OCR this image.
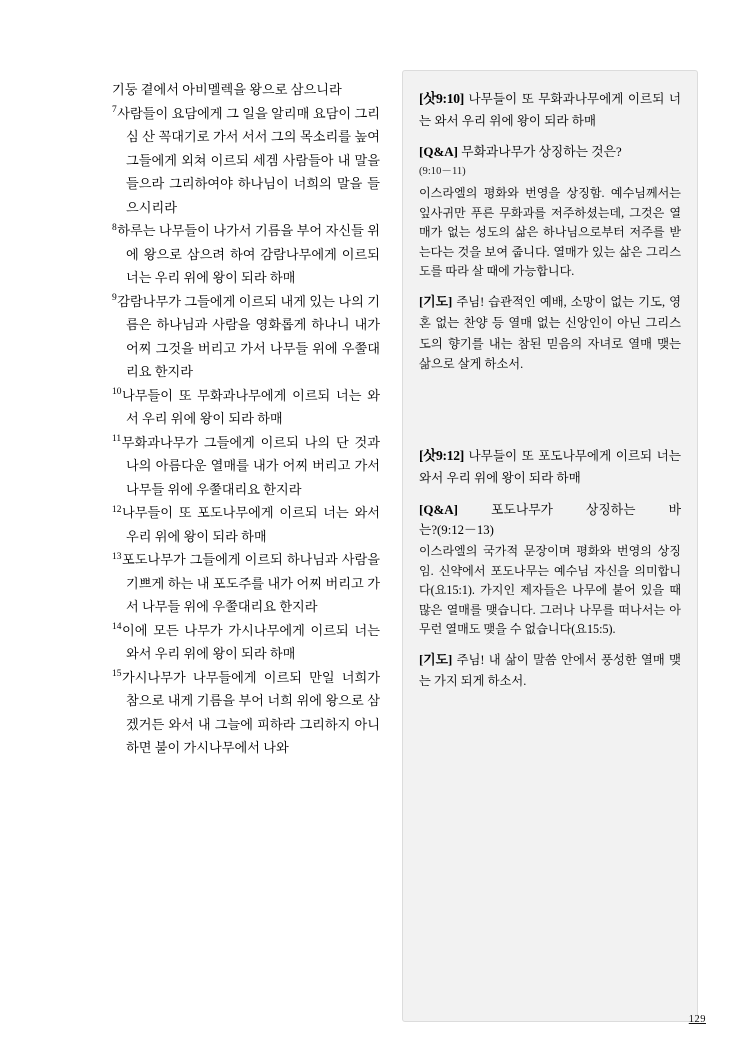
기둥 곁에서 아비멜렉을 왕으로 삼으니라

$^7$사람들이 요담에게 그 일을 알리매 요담이 그리심 산 꼭대기로 가서 서서 그의 목소리를 높여 그들에게 외쳐 이르되 세겜 사람들아 내 말을 들으라 그리하여야 하나님이 너희의 말을 들으시리라

$^8$하루는 나무들이 나가서 기름을 부어 자신들 위에 왕으로 삼으려 하여 감람나무에게 이르되 너는 우리 위에 왕이 되라 하매

$^9$감람나무가 그들에게 이르되 내게 있는 나의 기름은 하나님과 사람을 영화롭게 하나니 내가 어찌 그것을 버리고 가서 나무들 위에 우쭐대리요 한지라

$^{10}$나무들이 또 무화과나무에게 이르되 너는 와서 우리 위에 왕이 되라 하매

$^{11}$무화과나무가 그들에게 이르되 나의 단 것과 나의 아름다운 열매를 내가 어찌 버리고 가서 나무들 위에 우쭐대리요 한지라

$^{12}$나무들이 또 포도나무에게 이르되 너는 와서 우리 위에 왕이 되라 하매

$^{13}$포도나무가 그들에게 이르되 하나님과 사람을 기쁘게 하는 내 포도주를 내가 어찌 버리고 가서 나무들 위에 우쭐대리요 한지라

$^{14}$이에 모든 나무가 가시나무에게 이르되 너는 와서 우리 위에 왕이 되라 하매

$^{15}$가시나무가 나무들에게 이르되 만일 너희가 참으로 내게 기름을 부어 너희 위에 왕으로 삼겠거든 와서 내 그늘에 피하라 그리하지 아니하면 불이 가시나무에서 나와

[삿9:10] 나무들이 또 무화과나무에게 이르되 너는 와서 우리 위에 왕이 되라 하매

[Q&A] 무화과나무가 상징하는 것은?

(9:10－11)

이스라엘의 평화와 번영을 상징함. 예수님께서는 잎사귀만 푸른 무화과를 저주하셨는데, 그것은 열매가 없는 성도의 삶은 하나님으로부터 저주를 받는다는 것을 보여 줍니다. 열매가 있는 삶은 그리스도를 따라 살 때에 가능합니다.

[기도] 주님! 습관적인 예배, 소망이 없는 기도, 영혼 없는 찬양 등 열매 없는 신앙인이 아닌 그리스도의 향기를 내는 참된 믿음의 자녀로 열매 맺는 삶으로 살게 하소서.

[삿9:12] 나무들이 또 포도나무에게 이르되 너는 와서 우리 위에 왕이 되라 하매

[Q&A]	포도나무가	상징하는	바
는?(9:12－13)

이스라엘의 국가적 문장이며 평화와 번영의 상징 임. 신약에서 포도나무는 예수님 자신을 의미합니다(요15:1). 가지인 제자들은 나무에 붙어 있을 때 많은 열매를 맺습니다. 그러나 나무를 떠나서는 아무런 열매도 맺을 수 없습니다(요15:5).

[기도] 주님! 내 삶이 말씀 안에서 풍성한 열매 맺는 가지 되게 하소서.

129
